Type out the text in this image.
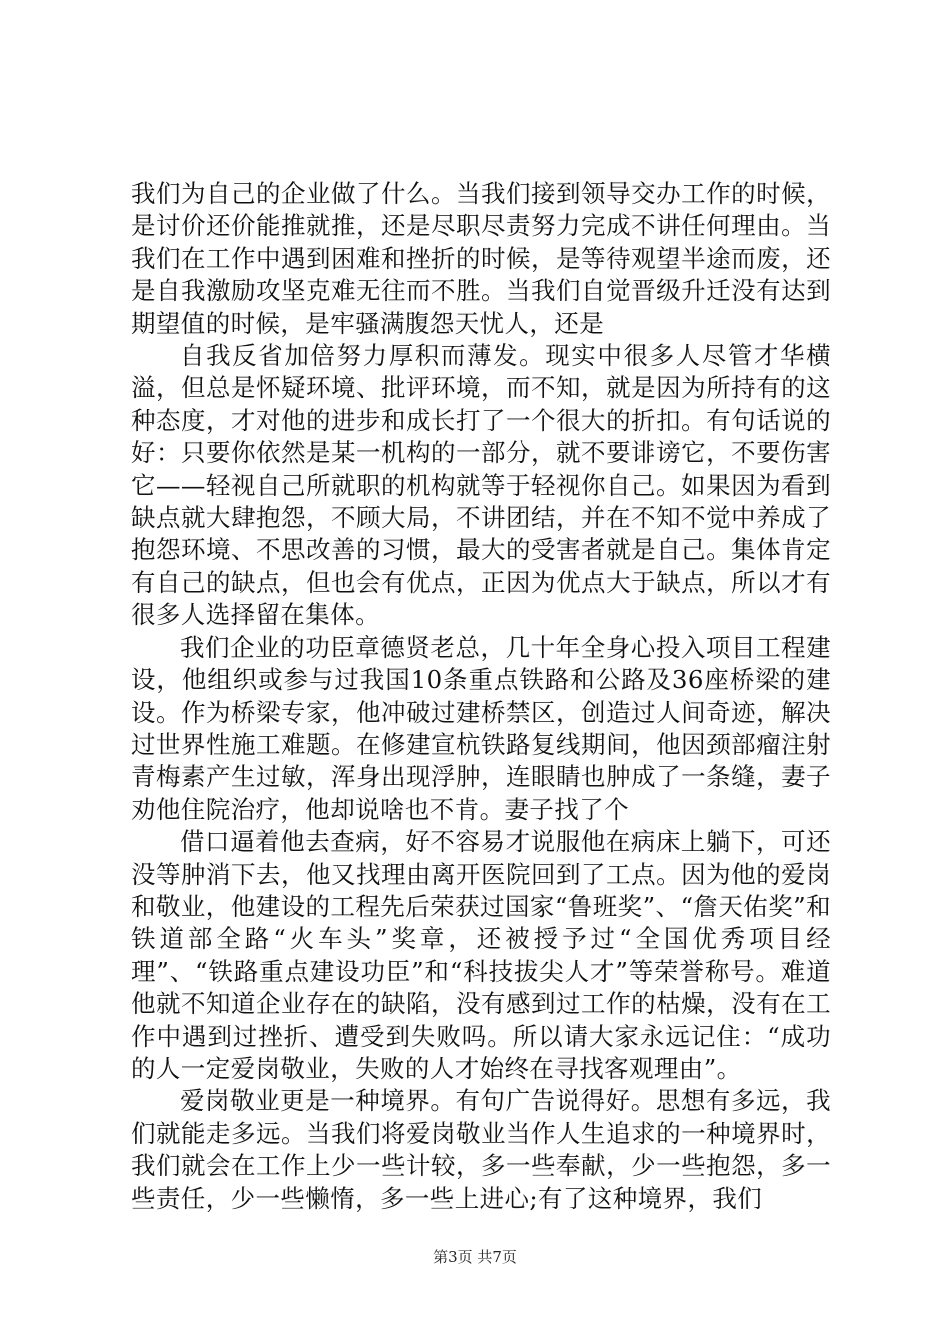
我们为自己的企业做了什么。当我们接到领导交办工作的时候，是讨价还价能推就推，还是尽职尽责努力完成不讲任何理由。当我们在工作中遇到困难和挫折的时候，是等待观望半途而废，还是自我激励攻坚克难无往而不胜。当我们自觉晋级升迁没有达到期望值的时候，是牢骚满腹怨天忧人，还是

自我反省加倍努力厚积而薄发。现实中很多人尽管才华横溢，但总是怀疑环境、批评环境，而不知，就是因为所持有的这种态度，才对他的进步和成长打了一个很大的折扣。有句话说的好：只要你依然是某一机构的一部分，就不要诽谤它，不要伤害它——轻视自己所就职的机构就等于轻视你自己。如果因为看到缺点就大肆抱怨，不顾大局，不讲团结，并在不知不觉中养成了抱怨环境、不思改善的习惯，最大的受害者就是自己。集体肯定有自己的缺点，但也会有优点，正因为优点大于缺点，所以才有很多人选择留在集体。

我们企业的功臣章德贤老总，几十年全身心投入项目工程建设，他组织或参与过我国10条重点铁路和公路及36座桥梁的建设。作为桥梁专家，他冲破过建桥禁区，创造过人间奇迹，解决过世界性施工难题。在修建宣杭铁路复线期间，他因颈部瘤注射青梅素产生过敏，浑身出现浮肿，连眼睛也肿成了一条缝，妻子劝他住院治疗，他却说啥也不肯。妻子找了个

借口逼着他去查病，好不容易才说服他在病床上躺下，可还没等肿消下去，他又找理由离开医院回到了工点。因为他的爱岗和敬业，他建设的工程先后荣获过国家“鲁班奖”、“詹天佑奖”和铁道部全路“火车头”奖章，还被授予过“全国优秀项目经理”、“铁路重点建设功臣”和“科技拔尖人才”等荣誉称号。难道他就不知道企业存在的缺陷，没有感到过工作的枯燥，没有在工作中遇到过挫折、遭受到失败吗。所以请大家永远记住：“成功的人一定爱岗敬业，失败的人才始终在寻找客观理由”。

爱岗敬业更是一种境界。有句广告说得好。思想有多远，我们就能走多远。当我们将爱岗敬业当作人生追求的一种境界时，我们就会在工作上少一些计较，多一些奉献，少一些抱怨，多一些责任，少一些懒惰，多一些上进心;有了这种境界，我们

第3页 共7页
